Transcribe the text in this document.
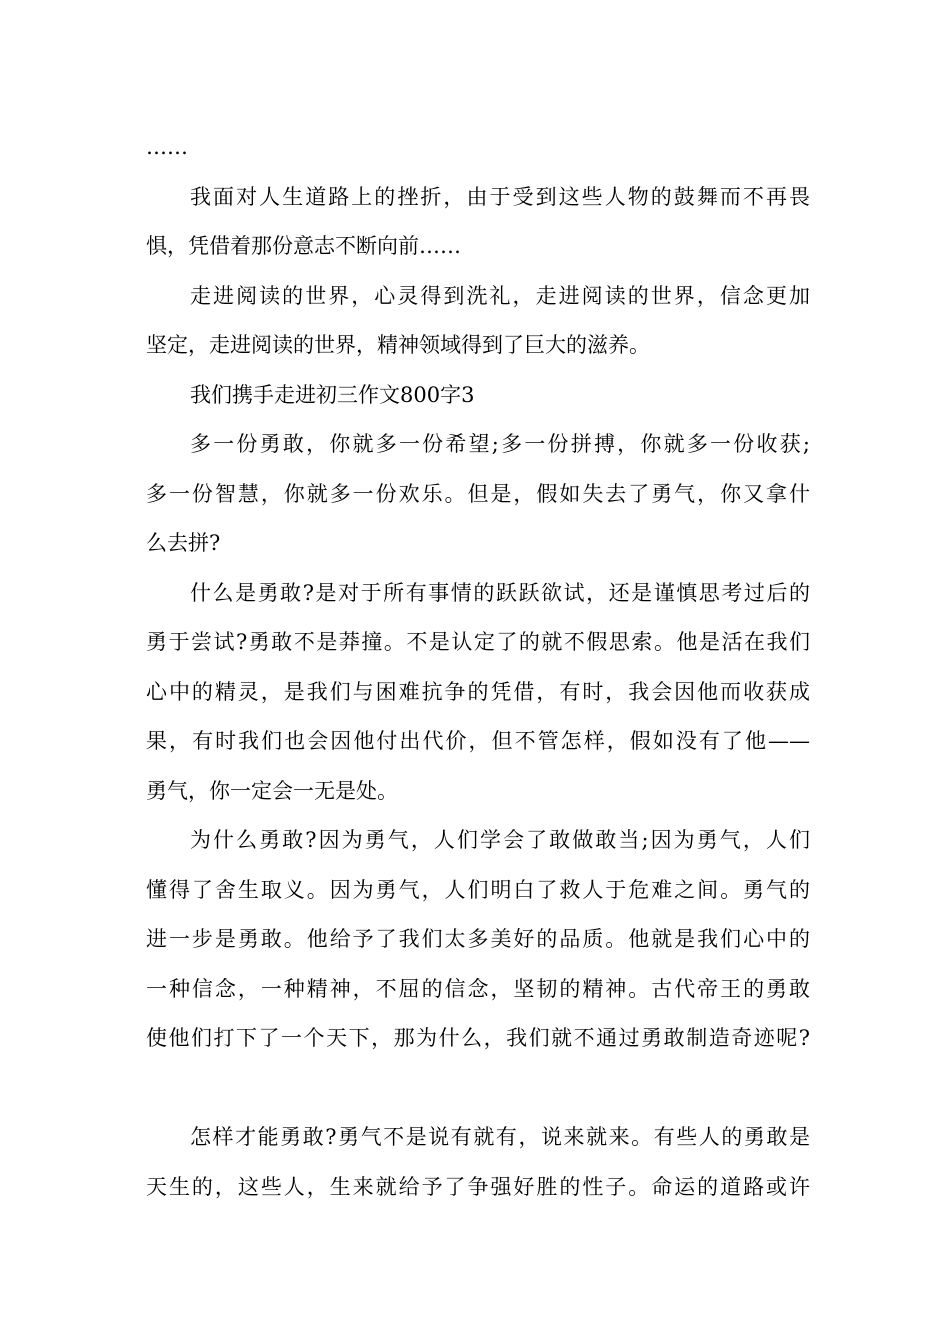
……
我面对人生道路上的挫折，由于受到这些人物的鼓舞而不再畏
惧，凭借着那份意志不断向前……
走进阅读的世界，心灵得到洗礼，走进阅读的世界，信念更加
坚定，走进阅读的世界，精神领域得到了巨大的滋养。
我们携手走进初三作文800字3
多一份勇敢，你就多一份希望;多一份拼搏，你就多一份收获;
多一份智慧，你就多一份欢乐。但是，假如失去了勇气，你又拿什
么去拼?
什么是勇敢?是对于所有事情的跃跃欲试，还是谨慎思考过后的
勇于尝试?勇敢不是莽撞。不是认定了的就不假思索。他是活在我们
心中的精灵，是我们与困难抗争的凭借，有时，我会因他而收获成
果，有时我们也会因他付出代价，但不管怎样，假如没有了他——
勇气，你一定会一无是处。
为什么勇敢?因为勇气，人们学会了敢做敢当;因为勇气，人们
懂得了舍生取义。因为勇气，人们明白了救人于危难之间。勇气的
进一步是勇敢。他给予了我们太多美好的品质。他就是我们心中的
一种信念，一种精神，不屈的信念，坚韧的精神。古代帝王的勇敢
使他们打下了一个天下，那为什么，我们就不通过勇敢制造奇迹呢?
怎样才能勇敢?勇气不是说有就有，说来就来。有些人的勇敢是
天生的，这些人，生来就给予了争强好胜的性子。命运的道路或许
